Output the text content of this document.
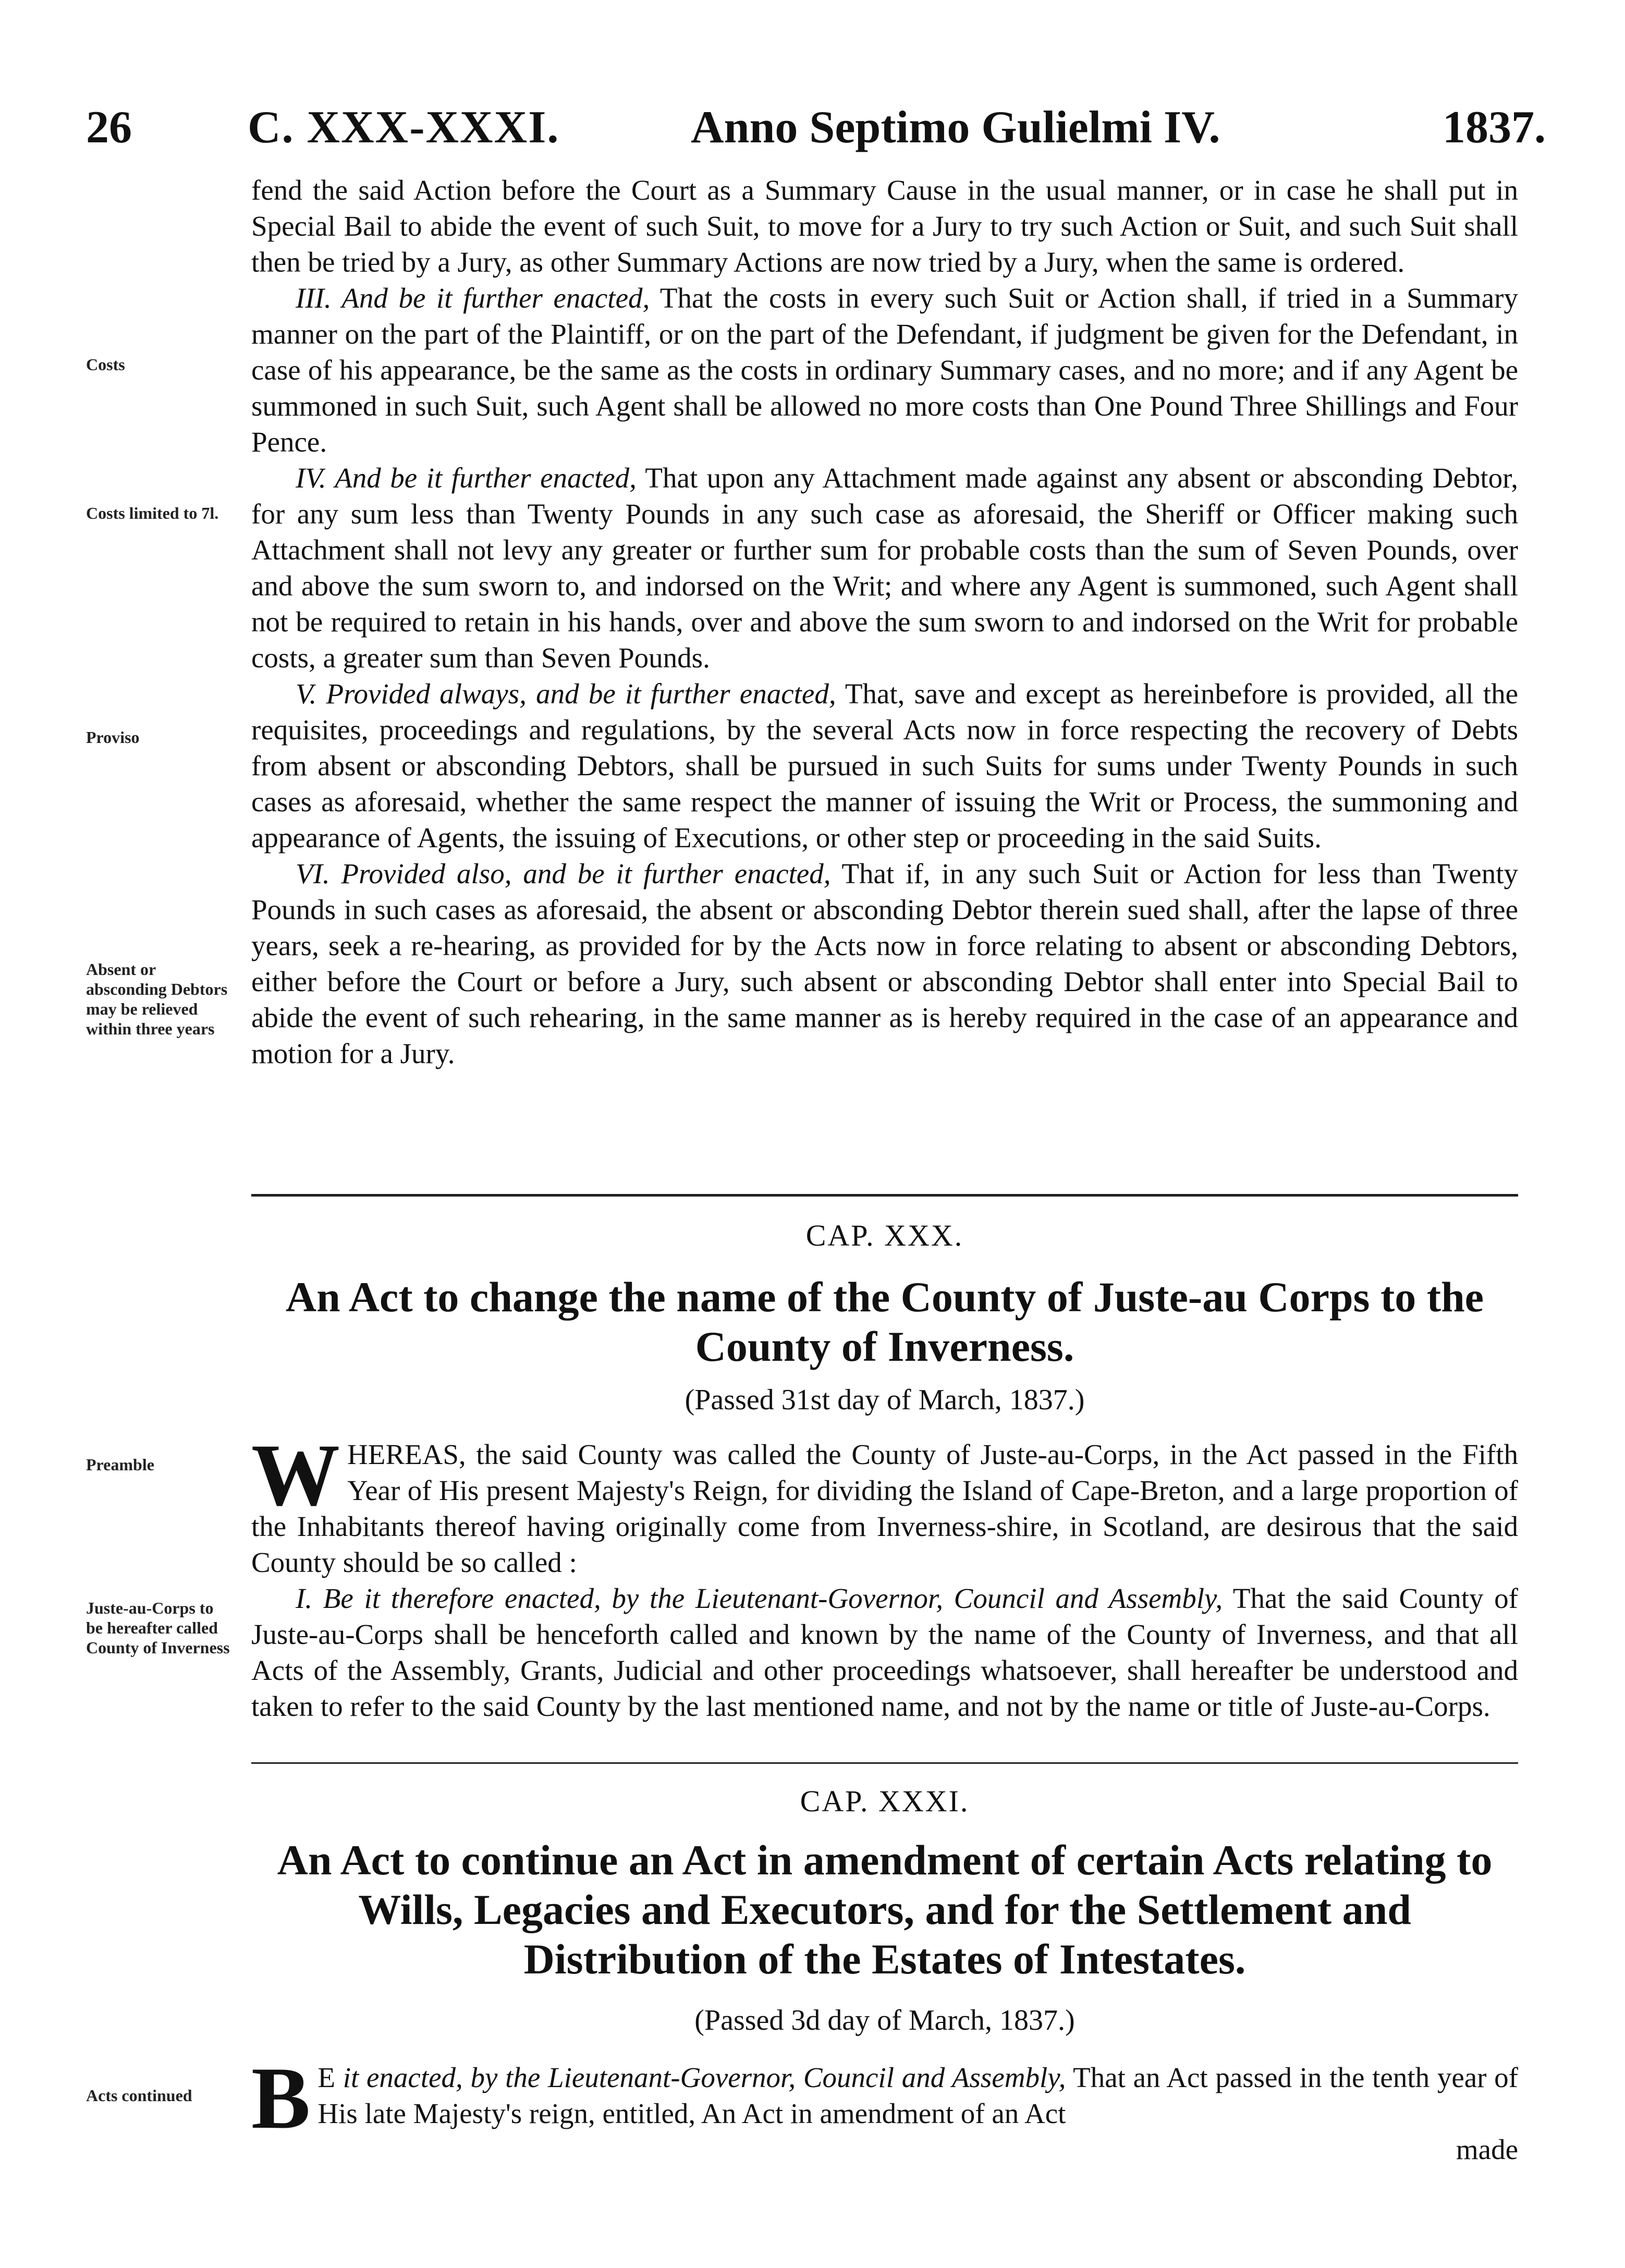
26	C. XXX-XXXI.	Anno Septimo Gulielmi IV.	1837.

fend the said Action before the Court as a Summary Cause in the usual manner, or in case he shall put in Special Bail to abide the event of such Suit, to move for a Jury to try such Action or Suit, and such Suit shall then be tried by a Jury, as other Summary Actions are now tried by a Jury, when the same is ordered.

III. And be it further enacted, That the costs in every such Suit or Action shall, if tried in a Summary manner on the part of the Plaintiff, or on the part of the Defendant, if judgment be given for the Defendant, in case of his appearance, be the same as the costs in ordinary Summary cases, and no more; and if any Agent be summoned in such Suit, such Agent shall be allowed no more costs than One Pound Three Shillings and Four Pence.

IV. And be it further enacted, That upon any Attachment made against any absent or absconding Debtor, for any sum less than Twenty Pounds in any such case as aforesaid, the Sheriff or Officer making such Attachment shall not levy any greater or further sum for probable costs than the sum of Seven Pounds, over and above the sum sworn to, and indorsed on the Writ; and where any Agent is summoned, such Agent shall not be required to retain in his hands, over and above the sum sworn to and indorsed on the Writ for probable costs, a greater sum than Seven Pounds.

V. Provided always, and be it further enacted, That, save and except as hereinbefore is provided, all the requisites, proceedings and regulations, by the several Acts now in force respecting the recovery of Debts from absent or absconding Debtors, shall be pursued in such Suits for sums under Twenty Pounds in such cases as aforesaid, whether the same respect the manner of issuing the Writ or Process, the summoning and appearance of Agents, the issuing of Executions, or other step or proceeding in the said Suits.

VI. Provided also, and be it further enacted, That if, in any such Suit or Action for less than Twenty Pounds in such cases as aforesaid, the absent or absconding Debtor therein sued shall, after the lapse of three years, seek a re-hearing, as provided for by the Acts now in force relating to absent or absconding Debtors, either before the Court or before a Jury, such absent or absconding Debtor shall enter into Special Bail to abide the event of such rehearing, in the same manner as is hereby required in the case of an appearance and motion for a Jury.

Costs
Costs limited to 7l.
Proviso
Absent or absconding Debtors may be relieved within three years
Preamble
Juste-au-Corps to be hereafter called County of Inverness
Acts continued
CAP. XXX.
An Act to change the name of the County of Juste-au Corps to the County of Inverness.
(Passed 31st day of March, 1837.)

WHEREAS, the said County was called the County of Juste-au-Corps, in the Act passed in the Fifth Year of His present Majesty's Reign, for dividing the Island of Cape-Breton, and a large proportion of the Inhabitants thereof having originally come from Inverness-shire, in Scotland, are desirous that the said County should be so called :

I. Be it therefore enacted, by the Lieutenant-Governor, Council and Assembly, That the said County of Juste-au-Corps shall be henceforth called and known by the name of the County of Inverness, and that all Acts of the Assembly, Grants, Judicial and other proceedings whatsoever, shall hereafter be understood and taken to refer to the said County by the last mentioned name, and not by the name or title of Juste-au-Corps.

CAP. XXXI.
An Act to continue an Act in amendment of certain Acts relating to Wills, Legacies and Executors, and for the Settlement and Distribution of the Estates of Intestates.
(Passed 3d day of March, 1837.)

B E it enacted, by the Lieutenant-Governor, Council and Assembly, That an Act passed in the tenth year of His late Majesty's reign, entitled, An Act in amendment of an Act

made
